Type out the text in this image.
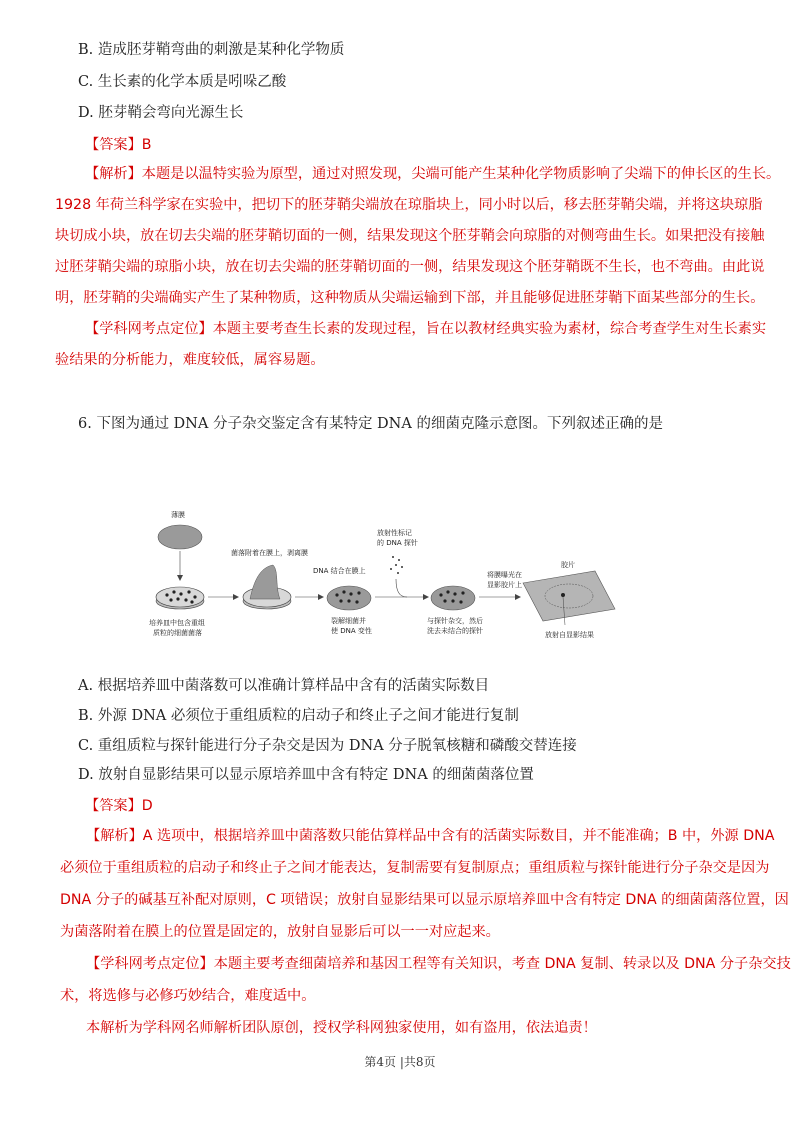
B. 造成胚芽鞘弯曲的刺激是某种化学物质
C. 生长素的化学本质是吲哚乙酸
D. 胚芽鞘会弯向光源生长
【答案】B
【解析】本题是以温特实验为原型，通过对照发现，尖端可能产生某种化学物质影响了尖端下的伸长区的生长。
1928 年荷兰科学家在实验中，把切下的胚芽鞘尖端放在琼脂块上，同小时以后，移去胚芽鞘尖端，并将这块琼脂
块切成小块，放在切去尖端的胚芽鞘切面的一侧，结果发现这个胚芽鞘会向琼脂的对侧弯曲生长。如果把没有接触
过胚芽鞘尖端的琼脂小块，放在切去尖端的胚芽鞘切面的一侧，结果发现这个胚芽鞘既不生长，也不弯曲。由此说
明，胚芽鞘的尖端确实产生了某种物质，这种物质从尖端运输到下部，并且能够促进胚芽鞘下面某些部分的生长。
【学科网考点定位】本题主要考查生长素的发现过程，旨在以教材经典实验为素材，综合考查学生对生长素实
验结果的分析能力，难度较低，属容易题。
6. 下图为通过 DNA 分子杂交鉴定含有某特定 DNA 的细菌克隆示意图。下列叙述正确的是
薄膜
培养皿中包含重组
质粒的细菌菌落
菌落附着在膜上，剥离膜
DNA 结合在膜上
裂解细菌并
使 DNA 变性
放射性标记
的 DNA 探针
与探针杂交，然后
洗去未结合的探针
将膜曝光在
显影胶片上
胶片
放射自显影结果
A. 根据培养皿中菌落数可以准确计算样品中含有的活菌实际数目
B. 外源 DNA 必须位于重组质粒的启动子和终止子之间才能进行复制
C. 重组质粒与探针能进行分子杂交是因为 DNA 分子脱氧核糖和磷酸交替连接
D. 放射自显影结果可以显示原培养皿中含有特定 DNA 的细菌菌落位置
【答案】D
【解析】A 选项中，根据培养皿中菌落数只能估算样品中含有的活菌实际数目，并不能准确；B 中，外源 DNA
必须位于重组质粒的启动子和终止子之间才能表达，复制需要有复制原点；重组质粒与探针能进行分子杂交是因为
DNA 分子的碱基互补配对原则，C 项错误；放射自显影结果可以显示原培养皿中含有特定 DNA 的细菌菌落位置，因
为菌落附着在膜上的位置是固定的，放射自显影后可以一一对应起来。
【学科网考点定位】本题主要考查细菌培养和基因工程等有关知识，考查 DNA 复制、转录以及 DNA 分子杂交技
术，将选修与必修巧妙结合，难度适中。
本解析为学科网名师解析团队原创，授权学科网独家使用，如有盗用，依法追责！
第4页 |共8页
